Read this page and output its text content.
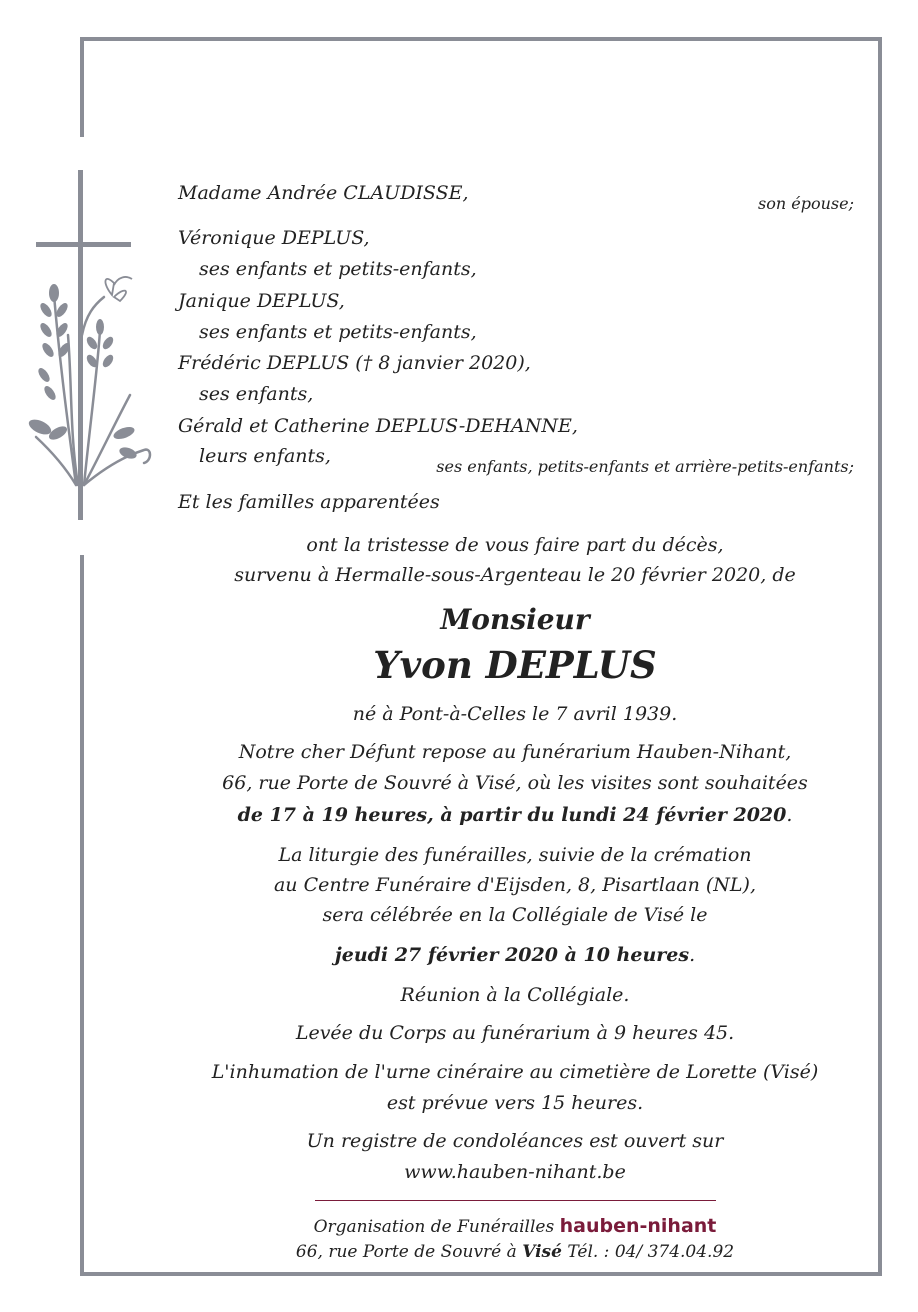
Madame Andrée CLAUDISSE,	son épouse;
Véronique DEPLUS,
ses enfants et petits-enfants,
Janique DEPLUS,
ses enfants et petits-enfants,
Frédéric DEPLUS († 8 janvier 2020),
ses enfants,
Gérald et Catherine DEPLUS-DEHANNE,
leurs enfants,	ses enfants, petits-enfants et arrière-petits-enfants;
Et les familles apparentées
ont la tristesse de vous faire part du décès,
survenu à Hermalle-sous-Argenteau le 20 février 2020, de
Monsieur
Yvon DEPLUS
né à Pont-à-Celles le 7 avril 1939.
Notre cher Défunt repose au funérarium Hauben-Nihant,
66, rue Porte de Souvré à Visé, où les visites sont souhaitées
de 17 à 19 heures, à partir du lundi 24 février 2020.
La liturgie des funérailles, suivie de la crémation
au Centre Funéraire d'Eijsden, 8, Pisartlaan (NL),
sera célébrée en la Collégiale de Visé le
jeudi 27 février 2020 à 10 heures.
Réunion à la Collégiale.
Levée du Corps au funérarium à 9 heures 45.
L'inhumation de l'urne cinéraire au cimetière de Lorette (Visé)
est prévue vers 15 heures.
Un registre de condoléances est ouvert sur
www.hauben-nihant.be
Organisation de Funérailles hauben-nihant
66, rue Porte de Souvré à Visé Tél. : 04/ 374.04.92
